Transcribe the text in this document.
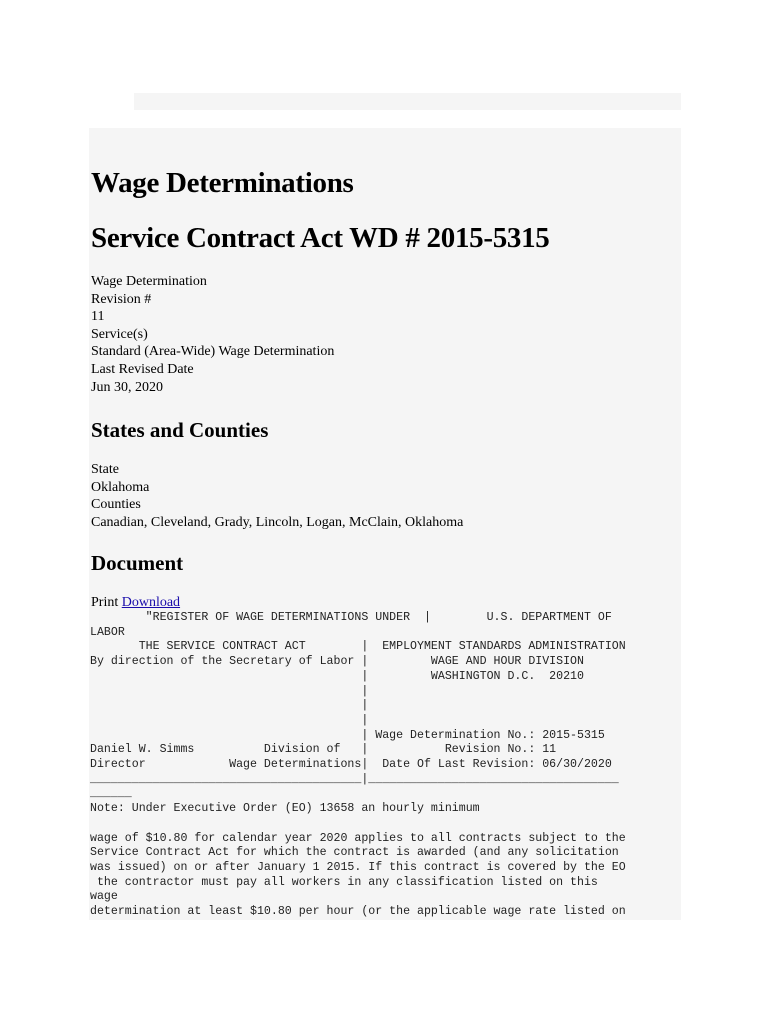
Wage Determinations
Service Contract Act WD # 2015-5315
Wage Determination
Revision #
11
Service(s)
Standard (Area-Wide) Wage Determination
Last Revised Date
Jun 30, 2020
States and Counties
State
Oklahoma
Counties
Canadian, Cleveland, Grady, Lincoln, Logan, McClain, Oklahoma
Document
Print Download
"REGISTER OF WAGE DETERMINATIONS UNDER  |        U.S. DEPARTMENT OF
LABOR
THE SERVICE CONTRACT ACT        |  EMPLOYMENT STANDARDS ADMINISTRATION
By direction of the Secretary of Labor |         WAGE AND HOUR DIVISION
|         WASHINGTON D.C.  20210
|
|
|
| Wage Determination No.: 2015-5315
Daniel W. Simms          Division of   |           Revision No.: 11
Director            Wage Determinations|  Date Of Last Revision: 06/30/2020
_______________________________________|____________________________________
______
Note: Under Executive Order (EO) 13658 an hourly minimum

wage of $10.80 for calendar year 2020 applies to all contracts subject to the
Service Contract Act for which the contract is awarded (and any solicitation
was issued) on or after January 1 2015. If this contract is covered by the EO
the contractor must pay all workers in any classification listed on this
wage
determination at least $10.80 per hour (or the applicable wage rate listed on
